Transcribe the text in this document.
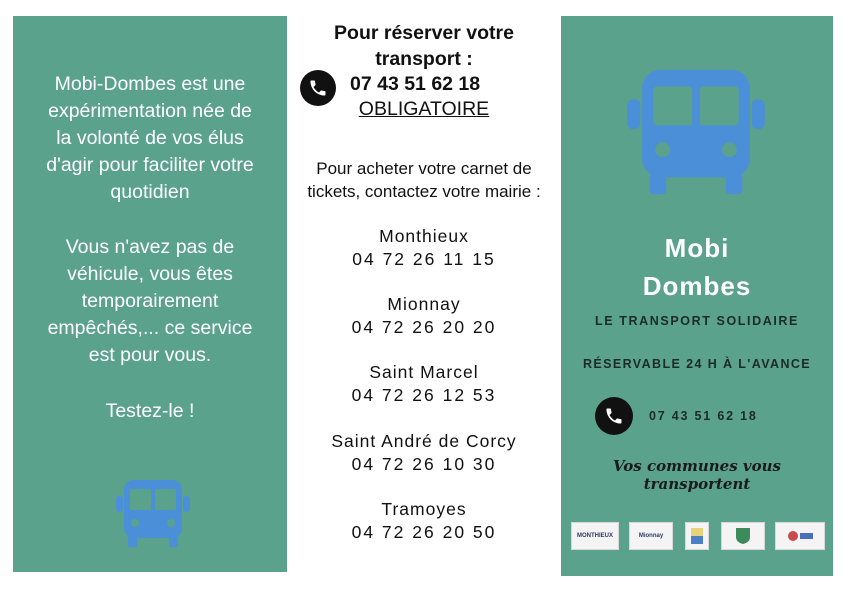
Mobi-Dombes est une
expérimentation née de
la volonté de vos élus
d'agir pour faciliter votre
quotidien
Vous n'avez pas de
véhicule, vous êtes
temporairement
empêchés,... ce service
est pour vous.
Testez-le !
Pour réserver votre
transport :
07 43 51 62 18
OBLIGATOIRE
Pour acheter votre carnet de
tickets, contactez votre mairie :
Monthieux
04 72 26 11 15
Mionnay
04 72 26 20 20
Saint Marcel
04 72 26 12 53
Saint André de Corcy
04 72 26 10 30
Tramoyes
04 72 26 20 50
Mobi
Dombes
LE TRANSPORT SOLIDAIRE
RÉSERVABLE 24 H À L'AVANCE
07 43 51 62 18
Vos communes vous transportent
MONTHIEUX	Mionnay
